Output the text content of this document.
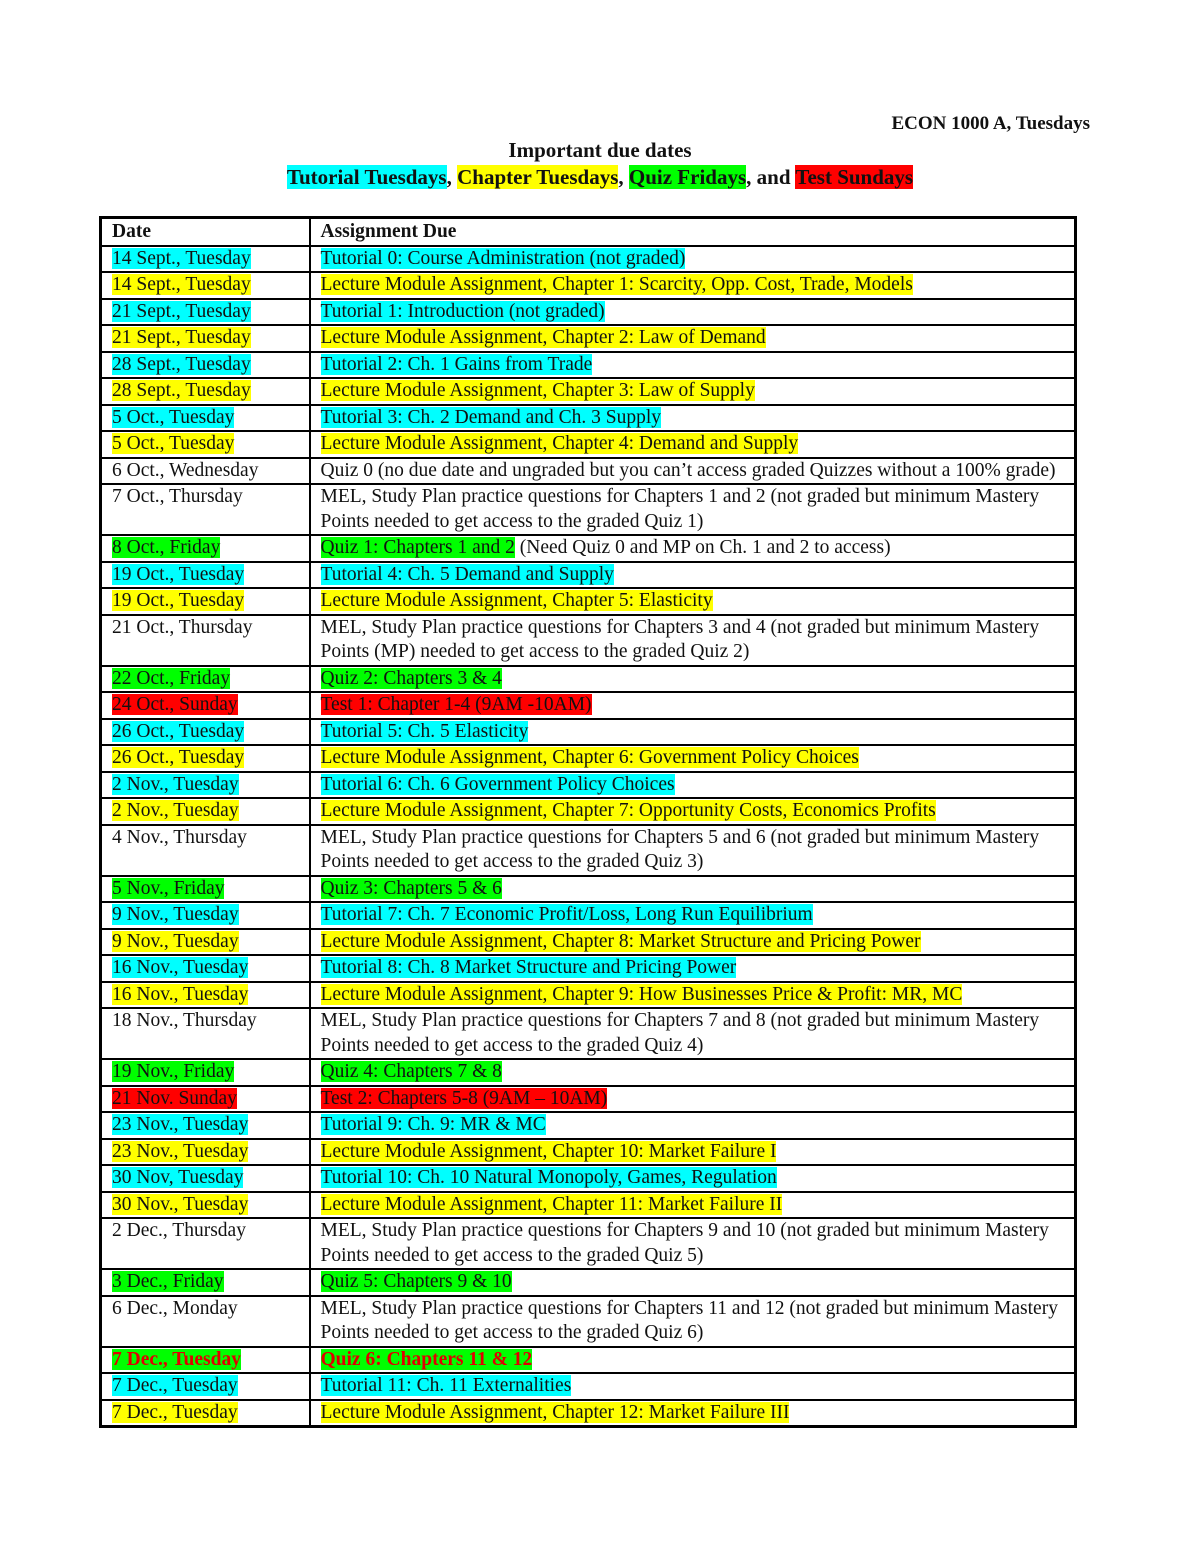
ECON 1000 A, Tuesdays
Important due dates
Tutorial Tuesdays, Chapter Tuesdays, Quiz Fridays, and Test Sundays
Date	Assignment Due
14 Sept., Tuesday	Tutorial 0: Course Administration (not graded)
14 Sept., Tuesday	Lecture Module Assignment, Chapter 1: Scarcity, Opp. Cost, Trade, Models
21 Sept., Tuesday	Tutorial 1: Introduction (not graded)
21 Sept., Tuesday	Lecture Module Assignment, Chapter 2: Law of Demand
28 Sept., Tuesday	Tutorial 2: Ch. 1 Gains from Trade
28 Sept., Tuesday	Lecture Module Assignment, Chapter 3: Law of Supply
5 Oct., Tuesday	Tutorial 3: Ch. 2 Demand and Ch. 3 Supply
5 Oct., Tuesday	Lecture Module Assignment, Chapter 4: Demand and Supply
6 Oct., Wednesday	Quiz 0 (no due date and ungraded but you can’t access graded Quizzes without a 100% grade)
7 Oct., Thursday	MEL, Study Plan practice questions for Chapters 1 and 2 (not graded but minimum Mastery Points needed to get access to the graded Quiz 1)
8 Oct., Friday	Quiz 1: Chapters 1 and 2 (Need Quiz 0 and MP on Ch. 1 and 2 to access)
19 Oct., Tuesday	Tutorial 4: Ch. 5 Demand and Supply
19 Oct., Tuesday	Lecture Module Assignment, Chapter 5: Elasticity
21 Oct., Thursday	MEL, Study Plan practice questions for Chapters 3 and 4 (not graded but minimum Mastery Points (MP) needed to get access to the graded Quiz 2)
22 Oct., Friday	Quiz 2: Chapters 3 & 4
24 Oct., Sunday	Test 1: Chapter 1-4 (9AM -10AM)
26 Oct., Tuesday	Tutorial 5: Ch. 5 Elasticity
26 Oct., Tuesday	Lecture Module Assignment, Chapter 6: Government Policy Choices
2 Nov., Tuesday	Tutorial 6: Ch. 6 Government Policy Choices
2 Nov., Tuesday	Lecture Module Assignment, Chapter 7: Opportunity Costs, Economics Profits
4 Nov., Thursday	MEL, Study Plan practice questions for Chapters 5 and 6 (not graded but minimum Mastery Points needed to get access to the graded Quiz 3)
5 Nov., Friday	Quiz 3: Chapters 5 & 6
9 Nov., Tuesday	Tutorial 7: Ch. 7 Economic Profit/Loss, Long Run Equilibrium
9 Nov., Tuesday	Lecture Module Assignment, Chapter 8: Market Structure and Pricing Power
16 Nov., Tuesday	Tutorial 8: Ch. 8 Market Structure and Pricing Power
16 Nov., Tuesday	Lecture Module Assignment, Chapter 9: How Businesses Price & Profit: MR, MC
18 Nov., Thursday	MEL, Study Plan practice questions for Chapters 7 and 8 (not graded but minimum Mastery Points needed to get access to the graded Quiz 4)
19 Nov., Friday	Quiz 4: Chapters 7 & 8
21 Nov. Sunday	Test 2: Chapters 5-8 (9AM – 10AM)
23 Nov., Tuesday	Tutorial 9: Ch. 9: MR & MC
23 Nov., Tuesday	Lecture Module Assignment, Chapter 10: Market Failure I
30 Nov, Tuesday	Tutorial 10: Ch. 10 Natural Monopoly, Games, Regulation
30 Nov., Tuesday	Lecture Module Assignment, Chapter 11: Market Failure II
2 Dec., Thursday	MEL, Study Plan practice questions for Chapters 9 and 10 (not graded but minimum Mastery Points needed to get access to the graded Quiz 5)
3 Dec., Friday	Quiz 5: Chapters 9 & 10
6 Dec., Monday	MEL, Study Plan practice questions for Chapters 11 and 12 (not graded but minimum Mastery Points needed to get access to the graded Quiz 6)
7 Dec., Tuesday	Quiz 6: Chapters 11 & 12
7 Dec., Tuesday	Tutorial 11: Ch. 11 Externalities
7 Dec., Tuesday	Lecture Module Assignment, Chapter 12: Market Failure III
